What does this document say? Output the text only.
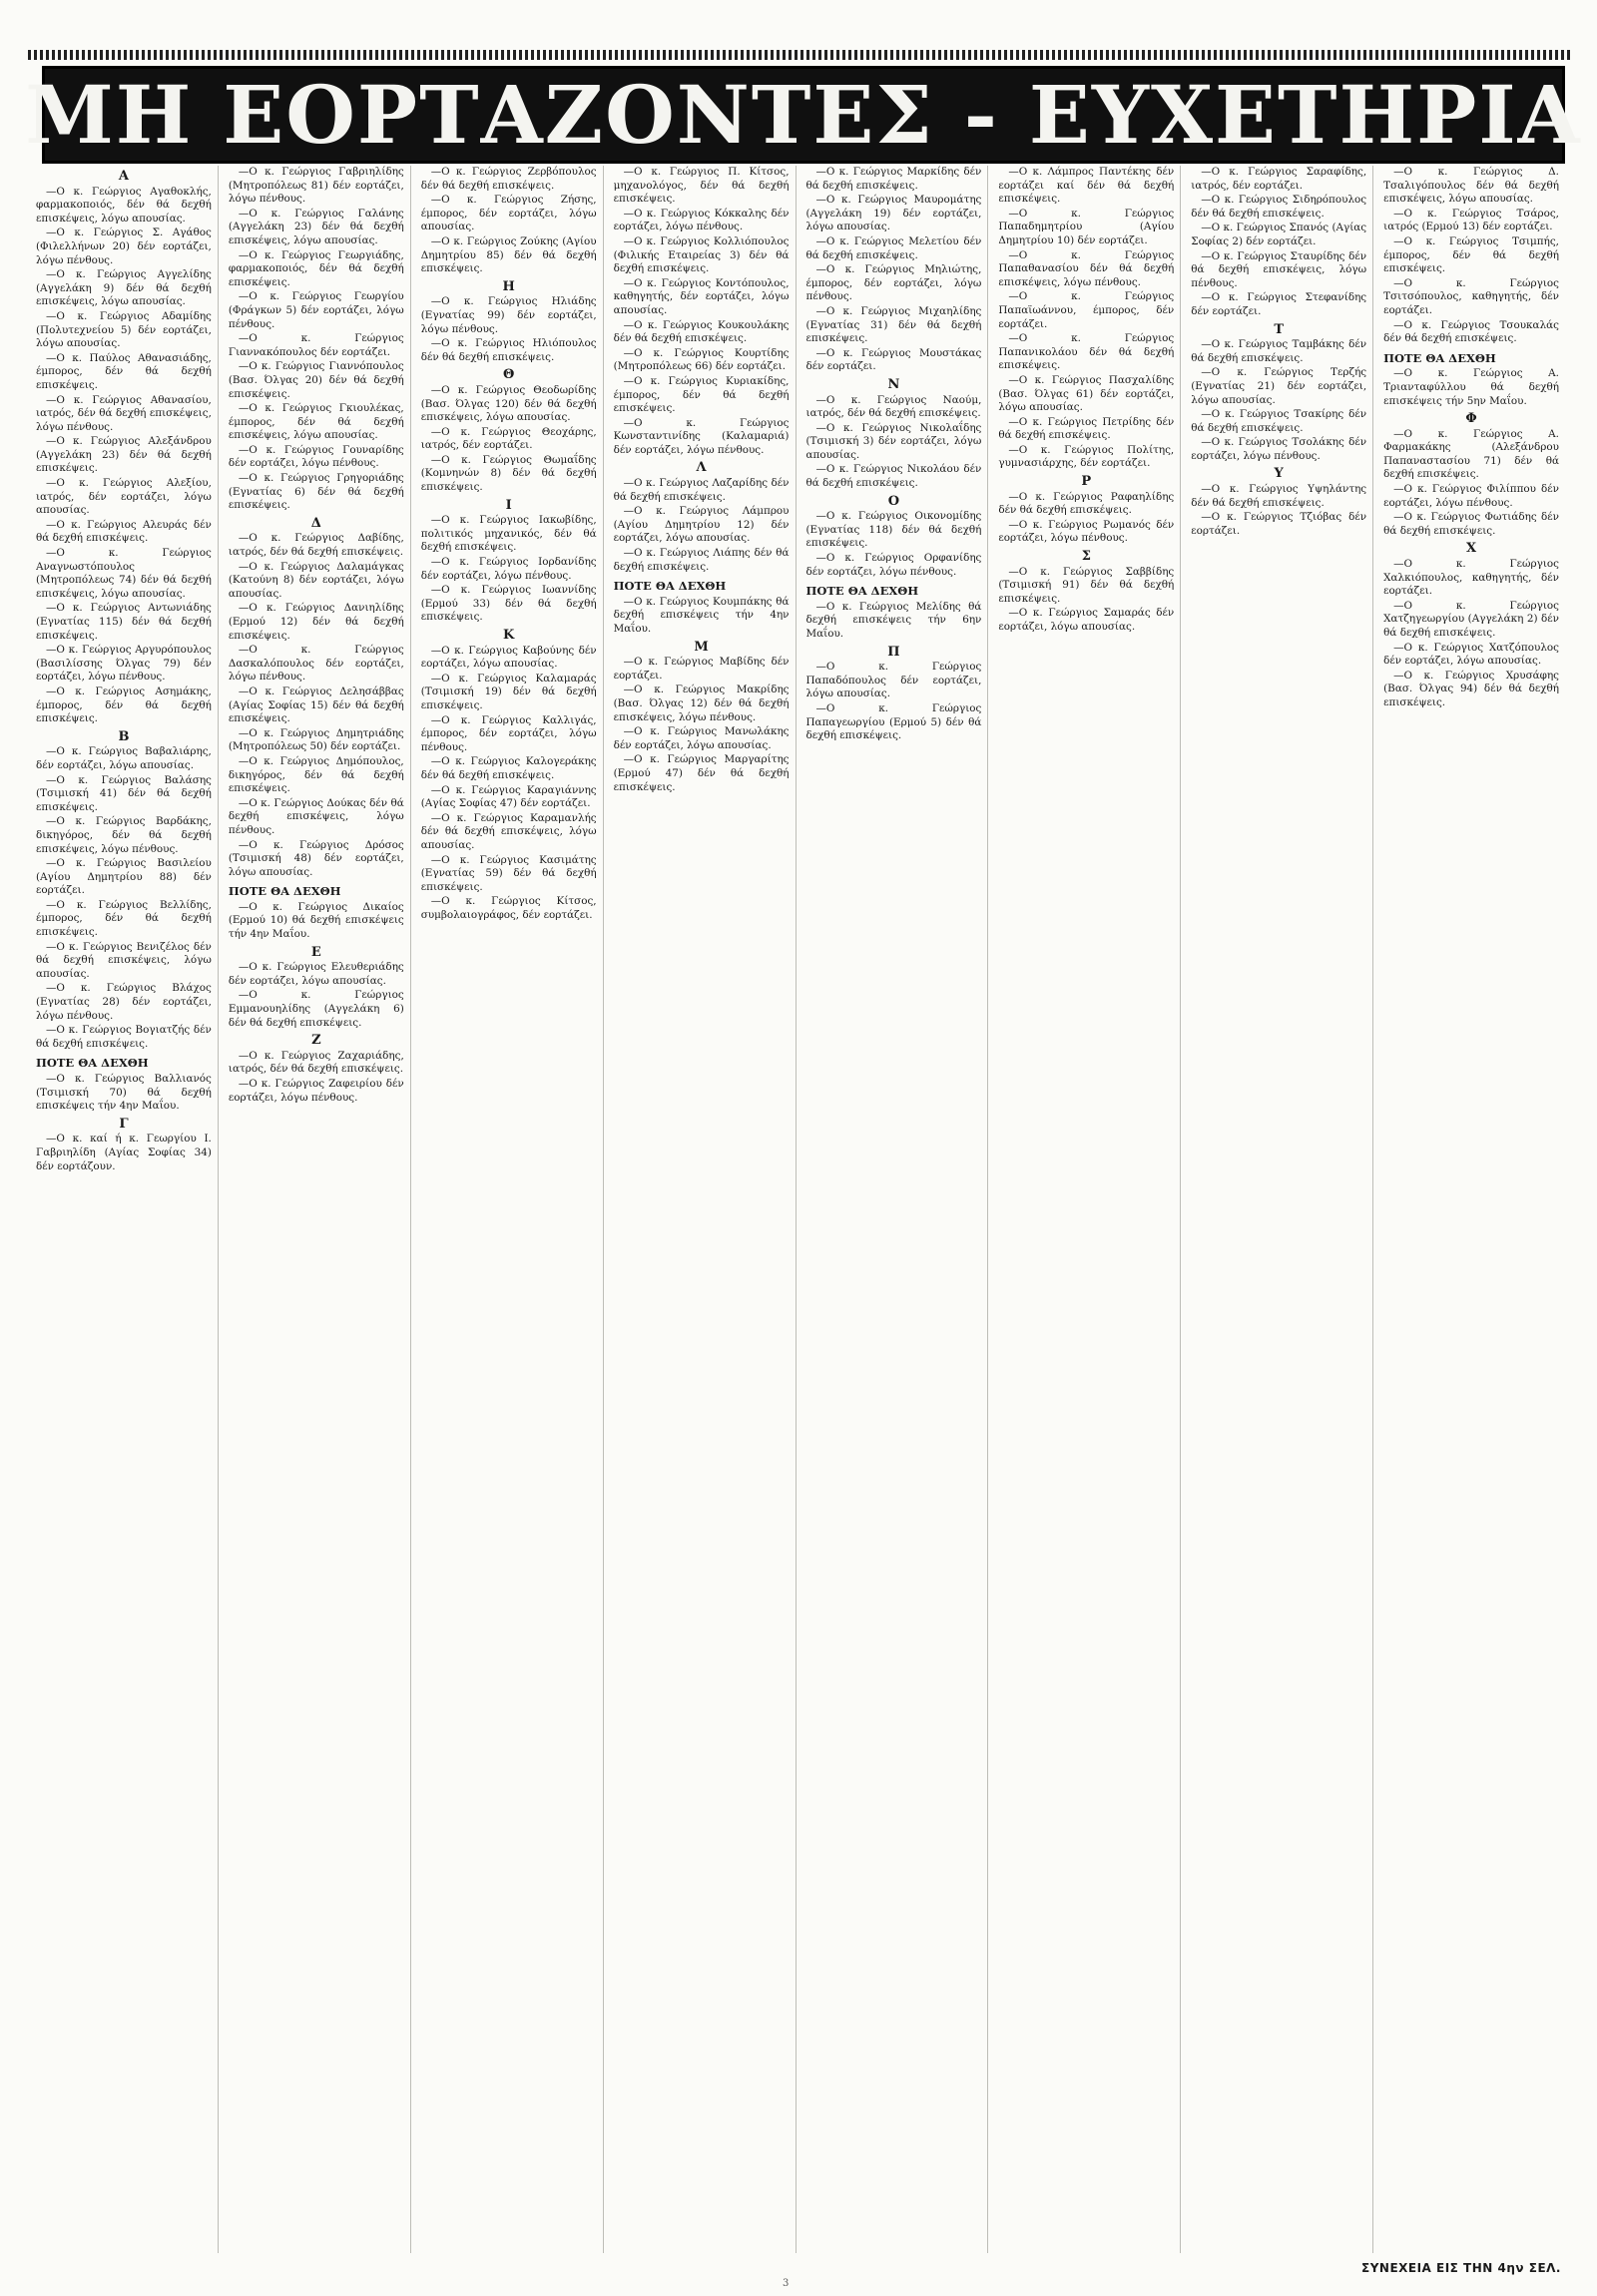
ΜΗ ΕΟΡΤΑΖΟΝΤΕΣ - ΕΥΧΕΤΗΡΙΑ
Α
—Ο κ. Γεώργιος Αγαθοκλής, φαρμακοποιός, δέν θά δεχθή επισκέψεις, λόγω απουσίας.
—Ο κ. Γεώργιος Σ. Αγάθος (Φιλελλήνων 20) δέν εορτάζει, λόγω πένθους.
—Ο κ. Γεώργιος Αγγελίδης (Αγγελάκη 9) δέν θά δεχθή επισκέψεις, λόγω απουσίας.
—Ο κ. Γεώργιος Αδαμίδης (Πολυτεχνείου 5) δέν εορτάζει, λόγω απουσίας.
—Ο κ. Παύλος Αθανασιάδης, έμπορος, δέν θά δεχθή επισκέψεις.
—Ο κ. Γεώργιος Αθανασίου, ιατρός, δέν θά δεχθή επισκέψεις, λόγω πένθους.
—Ο κ. Γεώργιος Αλεξάνδρου (Αγγελάκη 23) δέν θά δεχθή επισκέψεις.
—Ο κ. Γεώργιος Αλεξίου, ιατρός, δέν εορτάζει, λόγω απουσίας.
—Ο κ. Γεώργιος Αλευράς δέν θά δεχθή επισκέψεις.
—Ο κ. Γεώργιος Αναγνωστόπουλος (Μητροπόλεως 74) δέν θά δεχθή επισκέψεις, λόγω απουσίας.
—Ο κ. Γεώργιος Αντωνιάδης (Εγνατίας 115) δέν θά δεχθή επισκέψεις.
—Ο κ. Γεώργιος Αργυρόπουλος (Βασιλίσσης Όλγας 79) δέν εορτάζει, λόγω πένθους.
—Ο κ. Γεώργιος Ασημάκης, έμπορος, δέν θά δεχθή επισκέψεις.
Β
—Ο κ. Γεώργιος Βαβαλιάρης, δέν εορτάζει, λόγω απουσίας.
—Ο κ. Γεώργιος Βαλάσης (Τσιμισκή 41) δέν θά δεχθή επισκέψεις.
—Ο κ. Γεώργιος Βαρδάκης, δικηγόρος, δέν θά δεχθή επισκέψεις, λόγω πένθους.
—Ο κ. Γεώργιος Βασιλείου (Αγίου Δημητρίου 88) δέν εορτάζει.
—Ο κ. Γεώργιος Βελλίδης, έμπορος, δέν θά δεχθή επισκέψεις.
—Ο κ. Γεώργιος Βενιζέλος δέν θά δεχθή επισκέψεις, λόγω απουσίας.
—Ο κ. Γεώργιος Βλάχος (Εγνατίας 28) δέν εορτάζει, λόγω πένθους.
—Ο κ. Γεώργιος Βογιατζής δέν θά δεχθή επισκέψεις.
ΠΟΤΕ ΘΑ ΔΕΧΘΗ
—Ο κ. Γεώργιος Βαλλιανός (Τσιμισκή 70) θά δεχθή επισκέψεις τήν 4ην Μαΐου.
Γ
—Ο κ. καί ή κ. Γεωργίου Ι. Γαβριηλίδη (Αγίας Σοφίας 34) δέν εορτάζουν.
—Ο κ. Γεώργιος Γαβριηλίδης (Μητροπόλεως 81) δέν εορτάζει, λόγω πένθους.
—Ο κ. Γεώργιος Γαλάνης (Αγγελάκη 23) δέν θά δεχθή επισκέψεις, λόγω απουσίας.
—Ο κ. Γεώργιος Γεωργιάδης, φαρμακοποιός, δέν θά δεχθή επισκέψεις.
—Ο κ. Γεώργιος Γεωργίου (Φράγκων 5) δέν εορτάζει, λόγω πένθους.
—Ο κ. Γεώργιος Γιαννακόπουλος δέν εορτάζει.
—Ο κ. Γεώργιος Γιαννόπουλος (Βασ. Όλγας 20) δέν θά δεχθή επισκέψεις.
—Ο κ. Γεώργιος Γκιουλέκας, έμπορος, δέν θά δεχθή επισκέψεις, λόγω απουσίας.
—Ο κ. Γεώργιος Γουναρίδης δέν εορτάζει, λόγω πένθους.
—Ο κ. Γεώργιος Γρηγοριάδης (Εγνατίας 6) δέν θά δεχθή επισκέψεις.
Δ
—Ο κ. Γεώργιος Δαβίδης, ιατρός, δέν θά δεχθή επισκέψεις.
—Ο κ. Γεώργιος Δαλαμάγκας (Κατούνη 8) δέν εορτάζει, λόγω απουσίας.
—Ο κ. Γεώργιος Δανιηλίδης (Ερμού 12) δέν θά δεχθή επισκέψεις.
—Ο κ. Γεώργιος Δασκαλόπουλος δέν εορτάζει, λόγω πένθους.
—Ο κ. Γεώργιος Δελησάββας (Αγίας Σοφίας 15) δέν θά δεχθή επισκέψεις.
—Ο κ. Γεώργιος Δημητριάδης (Μητροπόλεως 50) δέν εορτάζει.
—Ο κ. Γεώργιος Δημόπουλος, δικηγόρος, δέν θά δεχθή επισκέψεις.
—Ο κ. Γεώργιος Δούκας δέν θά δεχθή επισκέψεις, λόγω πένθους.
—Ο κ. Γεώργιος Δρόσος (Τσιμισκή 48) δέν εορτάζει, λόγω απουσίας.
ΠΟΤΕ ΘΑ ΔΕΧΘΗ
—Ο κ. Γεώργιος Δικαίος (Ερμού 10) θά δεχθή επισκέψεις τήν 4ην Μαΐου.
Ε
—Ο κ. Γεώργιος Ελευθεριάδης δέν εορτάζει, λόγω απουσίας.
—Ο κ. Γεώργιος Εμμανουηλίδης (Αγγελάκη 6) δέν θά δεχθή επισκέψεις.
Ζ
—Ο κ. Γεώργιος Ζαχαριάδης, ιατρός, δέν θά δεχθή επισκέψεις.
—Ο κ. Γεώργιος Ζαφειρίου δέν εορτάζει, λόγω πένθους.
—Ο κ. Γεώργιος Ζερβόπουλος δέν θά δεχθή επισκέψεις.
—Ο κ. Γεώργιος Ζήσης, έμπορος, δέν εορτάζει, λόγω απουσίας.
—Ο κ. Γεώργιος Ζούκης (Αγίου Δημητρίου 85) δέν θά δεχθή επισκέψεις.
Η
—Ο κ. Γεώργιος Ηλιάδης (Εγνατίας 99) δέν εορτάζει, λόγω πένθους.
—Ο κ. Γεώργιος Ηλιόπουλος δέν θά δεχθή επισκέψεις.
Θ
—Ο κ. Γεώργιος Θεοδωρίδης (Βασ. Όλγας 120) δέν θά δεχθή επισκέψεις, λόγω απουσίας.
—Ο κ. Γεώργιος Θεοχάρης, ιατρός, δέν εορτάζει.
—Ο κ. Γεώργιος Θωμαΐδης (Κομνηνών 8) δέν θά δεχθή επισκέψεις.
Ι
—Ο κ. Γεώργιος Ιακωβίδης, πολιτικός μηχανικός, δέν θά δεχθή επισκέψεις.
—Ο κ. Γεώργιος Ιορδανίδης δέν εορτάζει, λόγω πένθους.
—Ο κ. Γεώργιος Ιωαννίδης (Ερμού 33) δέν θά δεχθή επισκέψεις.
Κ
—Ο κ. Γεώργιος Καβούνης δέν εορτάζει, λόγω απουσίας.
—Ο κ. Γεώργιος Καλαμαράς (Τσιμισκή 19) δέν θά δεχθή επισκέψεις.
—Ο κ. Γεώργιος Καλλιγάς, έμπορος, δέν εορτάζει, λόγω πένθους.
—Ο κ. Γεώργιος Καλογεράκης δέν θά δεχθή επισκέψεις.
—Ο κ. Γεώργιος Καραγιάννης (Αγίας Σοφίας 47) δέν εορτάζει.
—Ο κ. Γεώργιος Καραμανλής δέν θά δεχθή επισκέψεις, λόγω απουσίας.
—Ο κ. Γεώργιος Κασιμάτης (Εγνατίας 59) δέν θά δεχθή επισκέψεις.
—Ο κ. Γεώργιος Κίτσος, συμβολαιογράφος, δέν εορτάζει.
—Ο κ. Γεώργιος Π. Κίτσος, μηχανολόγος, δέν θά δεχθή επισκέψεις.
—Ο κ. Γεώργιος Κόκκαλης δέν εορτάζει, λόγω πένθους.
—Ο κ. Γεώργιος Κολλιόπουλος (Φιλικής Εταιρείας 3) δέν θά δεχθή επισκέψεις.
—Ο κ. Γεώργιος Κοντόπουλος, καθηγητής, δέν εορτάζει, λόγω απουσίας.
—Ο κ. Γεώργιος Κουκουλάκης δέν θά δεχθή επισκέψεις.
—Ο κ. Γεώργιος Κουρτίδης (Μητροπόλεως 66) δέν εορτάζει.
—Ο κ. Γεώργιος Κυριακίδης, έμπορος, δέν θά δεχθή επισκέψεις.
—Ο κ. Γεώργιος Κωνσταντινίδης (Καλαμαριά) δέν εορτάζει, λόγω πένθους.
Λ
—Ο κ. Γεώργιος Λαζαρίδης δέν θά δεχθή επισκέψεις.
—Ο κ. Γεώργιος Λάμπρου (Αγίου Δημητρίου 12) δέν εορτάζει, λόγω απουσίας.
—Ο κ. Γεώργιος Λιάπης δέν θά δεχθή επισκέψεις.
ΠΟΤΕ ΘΑ ΔΕΧΘΗ
—Ο κ. Γεώργιος Κουμπάκης θά δεχθή επισκέψεις τήν 4ην Μαΐου.
Μ
—Ο κ. Γεώργιος Μαβίδης δέν εορτάζει.
—Ο κ. Γεώργιος Μακρίδης (Βασ. Όλγας 12) δέν θά δεχθή επισκέψεις, λόγω πένθους.
—Ο κ. Γεώργιος Μανωλάκης δέν εορτάζει, λόγω απουσίας.
—Ο κ. Γεώργιος Μαργαρίτης (Ερμού 47) δέν θά δεχθή επισκέψεις.
—Ο κ. Γεώργιος Μαρκίδης δέν θά δεχθή επισκέψεις.
—Ο κ. Γεώργιος Μαυρομάτης (Αγγελάκη 19) δέν εορτάζει, λόγω απουσίας.
—Ο κ. Γεώργιος Μελετίου δέν θά δεχθή επισκέψεις.
—Ο κ. Γεώργιος Μηλιώτης, έμπορος, δέν εορτάζει, λόγω πένθους.
—Ο κ. Γεώργιος Μιχαηλίδης (Εγνατίας 31) δέν θά δεχθή επισκέψεις.
—Ο κ. Γεώργιος Μουστάκας δέν εορτάζει.
Ν
—Ο κ. Γεώργιος Ναούμ, ιατρός, δέν θά δεχθή επισκέψεις.
—Ο κ. Γεώργιος Νικολαΐδης (Τσιμισκή 3) δέν εορτάζει, λόγω απουσίας.
—Ο κ. Γεώργιος Νικολάου δέν θά δεχθή επισκέψεις.
Ο
—Ο κ. Γεώργιος Οικονομίδης (Εγνατίας 118) δέν θά δεχθή επισκέψεις.
—Ο κ. Γεώργιος Ορφανίδης δέν εορτάζει, λόγω πένθους.
ΠΟΤΕ ΘΑ ΔΕΧΘΗ
—Ο κ. Γεώργιος Μελίδης θά δεχθή επισκέψεις τήν 6ην Μαΐου.
Π
—Ο κ. Γεώργιος Παπαδόπουλος δέν εορτάζει, λόγω απουσίας.
—Ο κ. Γεώργιος Παπαγεωργίου (Ερμού 5) δέν θά δεχθή επισκέψεις.
—Ο κ. Λάμπρος Παντέκης δέν εορτάζει καί δέν θά δεχθή επισκέψεις.
—Ο κ. Γεώργιος Παπαδημητρίου (Αγίου Δημητρίου 10) δέν εορτάζει.
—Ο κ. Γεώργιος Παπαθανασίου δέν θά δεχθή επισκέψεις, λόγω πένθους.
—Ο κ. Γεώργιος Παπαϊωάννου, έμπορος, δέν εορτάζει.
—Ο κ. Γεώργιος Παπανικολάου δέν θά δεχθή επισκέψεις.
—Ο κ. Γεώργιος Πασχαλίδης (Βασ. Όλγας 61) δέν εορτάζει, λόγω απουσίας.
—Ο κ. Γεώργιος Πετρίδης δέν θά δεχθή επισκέψεις.
—Ο κ. Γεώργιος Πολίτης, γυμνασιάρχης, δέν εορτάζει.
Ρ
—Ο κ. Γεώργιος Ραφαηλίδης δέν θά δεχθή επισκέψεις.
—Ο κ. Γεώργιος Ρωμανός δέν εορτάζει, λόγω πένθους.
Σ
—Ο κ. Γεώργιος Σαββίδης (Τσιμισκή 91) δέν θά δεχθή επισκέψεις.
—Ο κ. Γεώργιος Σαμαράς δέν εορτάζει, λόγω απουσίας.
—Ο κ. Γεώργιος Σαραφίδης, ιατρός, δέν εορτάζει.
—Ο κ. Γεώργιος Σιδηρόπουλος δέν θά δεχθή επισκέψεις.
—Ο κ. Γεώργιος Σπανός (Αγίας Σοφίας 2) δέν εορτάζει.
—Ο κ. Γεώργιος Σταυρίδης δέν θά δεχθή επισκέψεις, λόγω πένθους.
—Ο κ. Γεώργιος Στεφανίδης δέν εορτάζει.
Τ
—Ο κ. Γεώργιος Ταμβάκης δέν θά δεχθή επισκέψεις.
—Ο κ. Γεώργιος Τερζής (Εγνατίας 21) δέν εορτάζει, λόγω απουσίας.
—Ο κ. Γεώργιος Τσακίρης δέν θά δεχθή επισκέψεις.
—Ο κ. Γεώργιος Τσολάκης δέν εορτάζει, λόγω πένθους.
Υ
—Ο κ. Γεώργιος Υψηλάντης δέν θά δεχθή επισκέψεις.
—Ο κ. Γεώργιος Τζιόβας δέν εορτάζει.
—Ο κ. Γεώργιος Δ. Τσαλιγόπουλος δέν θά δεχθή επισκέψεις, λόγω απουσίας.
—Ο κ. Γεώργιος Τσάρος, ιατρός (Ερμού 13) δέν εορτάζει.
—Ο κ. Γεώργιος Τσιμπής, έμπορος, δέν θά δεχθή επισκέψεις.
—Ο κ. Γεώργιος Τσιτσόπουλος, καθηγητής, δέν εορτάζει.
—Ο κ. Γεώργιος Τσουκαλάς δέν θά δεχθή επισκέψεις.
ΠΟΤΕ ΘΑ ΔΕΧΘΗ
—Ο κ. Γεώργιος Α. Τριανταφύλλου θά δεχθή επισκέψεις τήν 5ην Μαΐου.
Φ
—Ο κ. Γεώργιος Α. Φαρμακάκης (Αλεξάνδρου Παπαναστασίου 71) δέν θά δεχθή επισκέψεις.
—Ο κ. Γεώργιος Φιλίππου δέν εορτάζει, λόγω πένθους.
—Ο κ. Γεώργιος Φωτιάδης δέν θά δεχθή επισκέψεις.
Χ
—Ο κ. Γεώργιος Χαλκιόπουλος, καθηγητής, δέν εορτάζει.
—Ο κ. Γεώργιος Χατζηγεωργίου (Αγγελάκη 2) δέν θά δεχθή επισκέψεις.
—Ο κ. Γεώργιος Χατζόπουλος δέν εορτάζει, λόγω απουσίας.
—Ο κ. Γεώργιος Χρυσάφης (Βασ. Όλγας 94) δέν θά δεχθή επισκέψεις.
ΣΥΝΕΧΕΙΑ ΕΙΣ ΤΗΝ 4ην ΣΕΛ.
3
